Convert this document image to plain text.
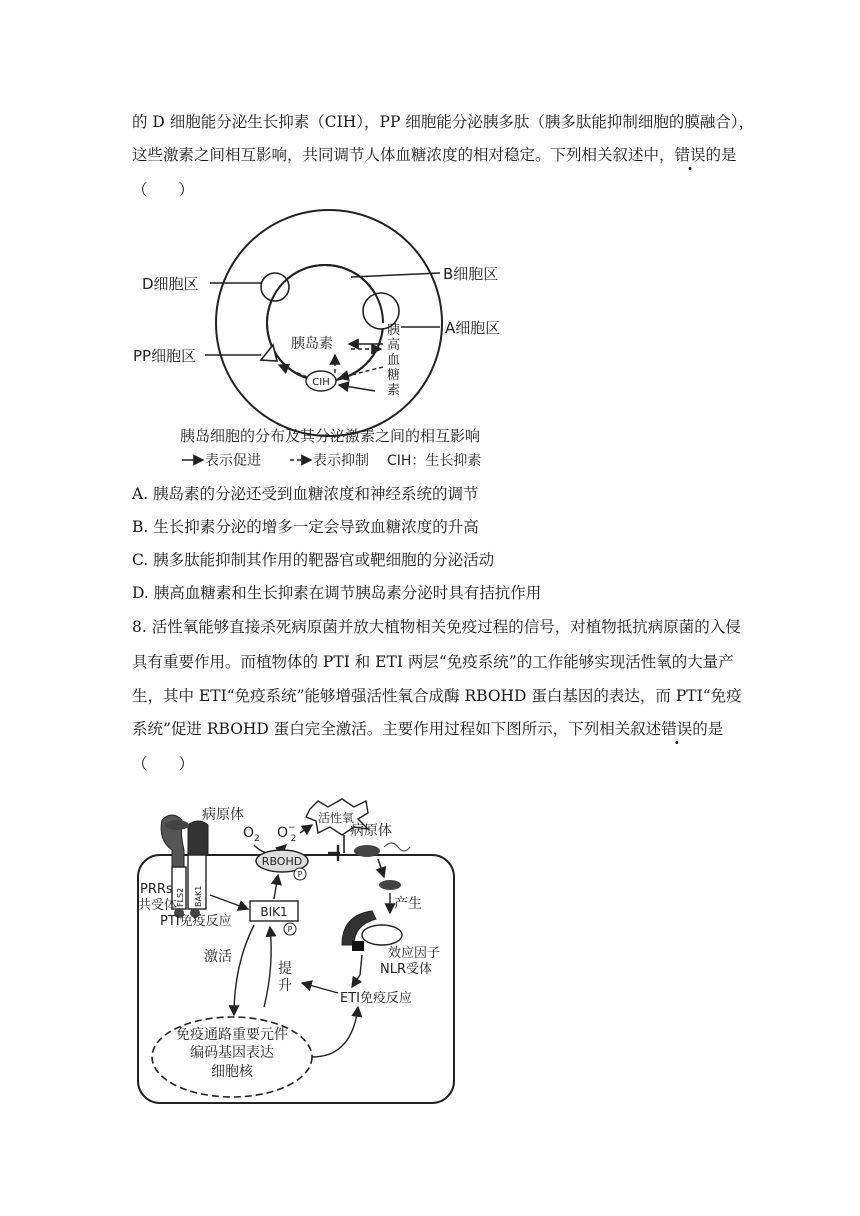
的 D 细胞能分泌生长抑素（CIH），PP 细胞能分泌胰多肽（胰多肽能抑制细胞的膜融合），
这些激素之间相互影响，共同调节人体血糖浓度的相对稳定。下列相关叙述中，错误的是
（　　）
CIH
D细胞区
B细胞区
A细胞区
PP细胞区
胰岛素
胰
高
血
糖
素
胰岛细胞的分布及其分泌激素之间的相互影响
表示促进	表示抑制 CIH：生长抑素
A. 胰岛素的分泌还受到血糖浓度和神经系统的调节
B. 生长抑素分泌的增多一定会导致血糖浓度的升高
C. 胰多肽能抑制其作用的靶器官或靶细胞的分泌活动
D. 胰高血糖素和生长抑素在调节胰岛素分泌时具有拮抗作用
8. 活性氧能够直接杀死病原菌并放大植物相关免疫过程的信号，对植物抵抗病原菌的入侵
具有重要作用。而植物体的 PTI 和 ETI 两层“免疫系统”的工作能够实现活性氧的大量产
生，其中 ETI“免疫系统”能够增强活性氧合成酶 RBOHD 蛋白基因的表达，而 PTI“免疫
系统”促进 RBOHD 蛋白完全激活。主要作用过程如下图所示，下列相关叙述错误的是
（　　）
FLS2 BAK1
病原体
$O_2$ O− 2
活性氧
病原体
RBOHD
P
PRRs
共受体
PTI免疫反应
BIK1
P
产生
效应因子
NLR受体
激活
提
升
ETI免疫反应
免疫通路重要元件
编码基因表达
细胞核
